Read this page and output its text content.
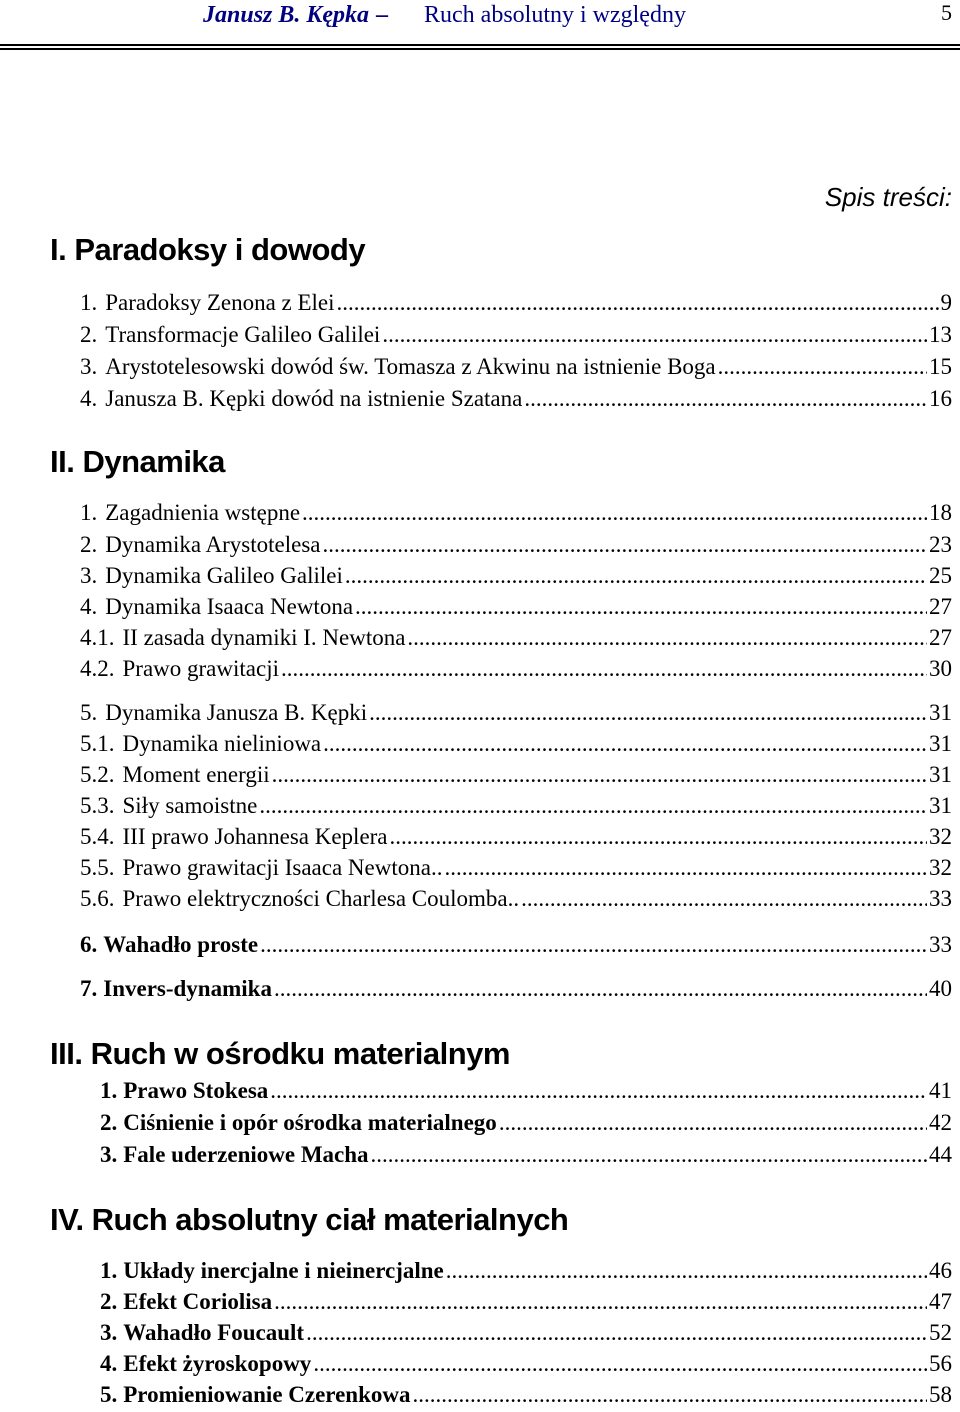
Janusz B. Kępka – Ruch absolutny i względny	5
Spis treści:
I. Paradoksy i dowody
1. Paradoksy Zenona z Elei .....	9
2. Transformacje Galileo Galilei .....	13
3. Arystotelesowski dowód św. Tomasza z Akwinu na istnienie Boga .....	15
4. Janusza B. Kępki dowód na istnienie Szatana .....	16
II. Dynamika
1. Zagadnienia wstępne .....	18
2. Dynamika Arystotelesa .....	23
3. Dynamika Galileo Galilei .....	25
4. Dynamika Isaaca Newtona .....	27
4.1. II zasada dynamiki I. Newtona .....	27
4.2. Prawo grawitacji .....	30
5. Dynamika Janusza B. Kępki .....	31
5.1. Dynamika nieliniowa .....	31
5.2. Moment energii .....	31
5.3. Siły samoistne .....	31
5.4. III prawo Johannesa Keplera .....	32
5.5. Prawo grawitacji Isaaca Newtona.. .....	32
5.6. Prawo elektryczności Charlesa Coulomba.. .....	33
6. Wahadło proste .....	33
7. Invers-dynamika .....	40
III. Ruch w ośrodku materialnym
1. Prawo Stokesa .....	41
2. Ciśnienie i opór ośrodka materialnego .....	42
3. Fale uderzeniowe Macha .....	44
IV. Ruch absolutny ciał materialnych
1. Układy inercjalne i nieinercjalne .....	46
2. Efekt Coriolisa .....	47
3. Wahadło Foucault .....	52
4. Efekt żyroskopowy .....	56
5. Promieniowanie Czerenkowa .....	58
